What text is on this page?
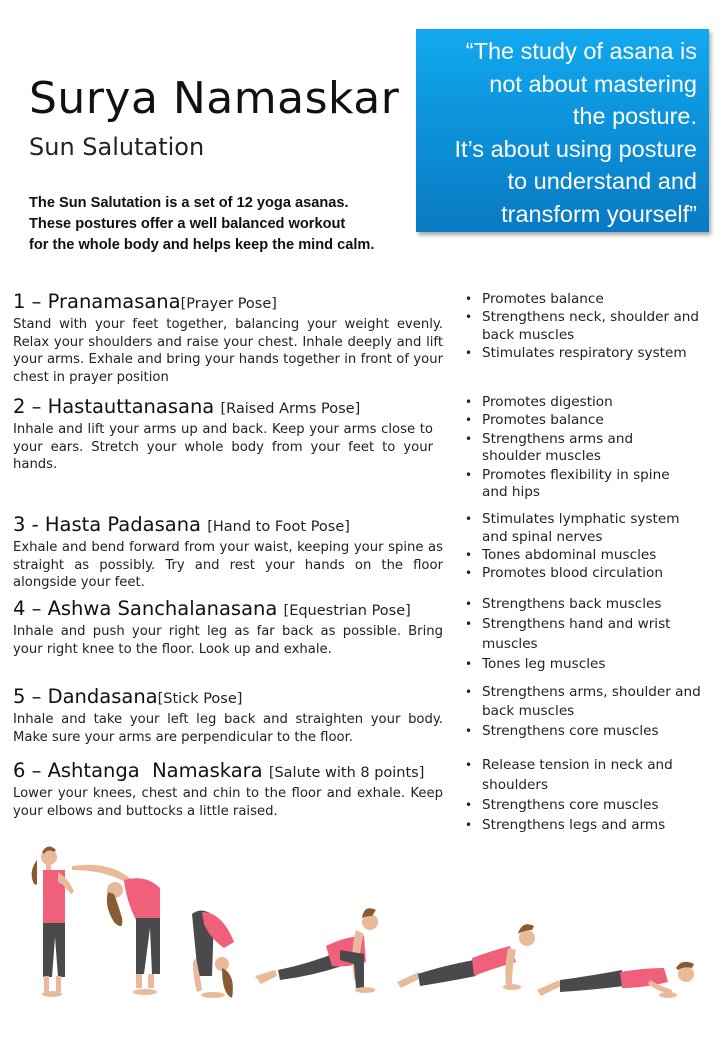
Surya Namaskar
Sun Salutation
The Sun Salutation is a set of 12 yoga asanas.
These postures offer a well balanced workout
for the whole body and helps keep the mind calm.
“The study of asana is
not about mastering
the posture.
It’s about using posture
to understand and
transform yourself”
1 – Pranamasana[Prayer Pose]
Stand with your feet together, balancing your weight evenly. Relax your shoulders and raise your chest. Inhale deeply and lift your arms. Exhale and bring your hands together in front of your chest in prayer position
• Promotes balance
• Strengthens neck, shoulder and back muscles
• Stimulates respiratory system
2 – Hastauttanasana [Raised Arms Pose]
Inhale and lift your arms up and back. Keep your arms close to your ears. Stretch your whole body from your feet to your hands.
• Promotes digestion
• Promotes balance
• Strengthens arms and shoulder muscles
• Promotes flexibility in spine and hips
3 - Hasta Padasana [Hand to Foot Pose]
Exhale and bend forward from your waist, keeping your spine as straight as possibly. Try and rest your hands on the floor alongside your feet.
• Stimulates lymphatic system and spinal nerves
• Tones abdominal muscles
• Promotes blood circulation
4 – Ashwa Sanchalanasana [Equestrian Pose]
Inhale and push your right leg as far back as possible. Bring your right knee to the floor. Look up and exhale.
• Strengthens back muscles
• Strengthens hand and wrist muscles
• Tones leg muscles
5 – Dandasana[Stick Pose]
Inhale and take your left leg back and straighten your body. Make sure your arms are perpendicular to the floor.
• Strengthens arms, shoulder and back muscles
• Strengthens core muscles
6 – Ashtanga  Namaskara [Salute with 8 points]
Lower your knees, chest and chin to the floor and exhale. Keep your elbows and buttocks a little raised.
• Release tension in neck and shoulders
• Strengthens core muscles
• Strengthens legs and arms
